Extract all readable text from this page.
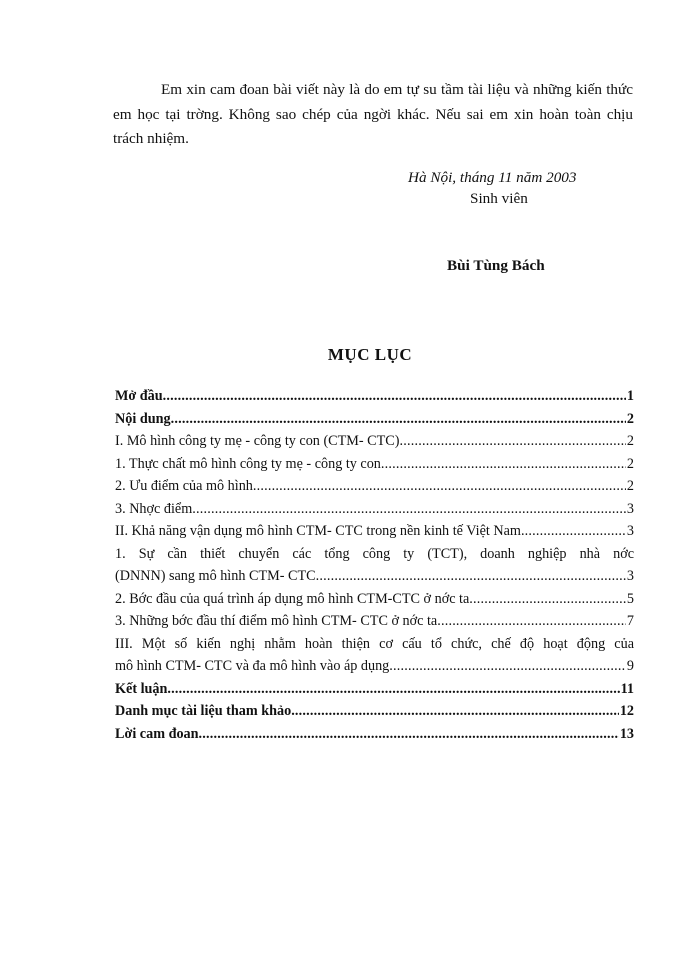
Em xin cam đoan bài viết này là do em tự su tầm tài liệu và những kiến thức em học tại trờng. Không sao chép của ngời khác. Nếu sai em xin hoàn toàn chịu trách nhiệm.

Hà Nội, tháng 11 năm 2003
Sinh viên
Bùi Tùng Bách
MỤC LỤC
Mở đầu .....	1
Nội dung .....	2
I. Mô hình công ty mẹ - công ty con (CTM- CTC) .....	2
1. Thực chất mô hình công ty mẹ - công ty con .....	2
2. Ưu điểm của mô hình .....	2
3. Nhợc điểm .....	3
II. Khả năng vận dụng mô hình CTM- CTC trong nền kinh tế Việt Nam .....	3
1. Sự cần thiết chuyển các tổng công ty (TCT), doanh nghiệp nhà nớc
(DNNN) sang mô hình CTM- CTC .....	3
2. Bớc đầu của quá trình áp dụng mô hình CTM-CTC ở nớc ta .....	5
3. Những bớc đầu thí điểm mô hình CTM- CTC ở nớc ta .....	7
III. Một số kiến nghị nhằm hoàn thiện cơ cấu tổ chức, chế độ hoạt động của
mô hình CTM- CTC và đa mô hình vào áp dụng .....	9
Kết luận .....	11
Danh mục tài liệu tham khảo .....	12
Lời cam đoan .....	13
